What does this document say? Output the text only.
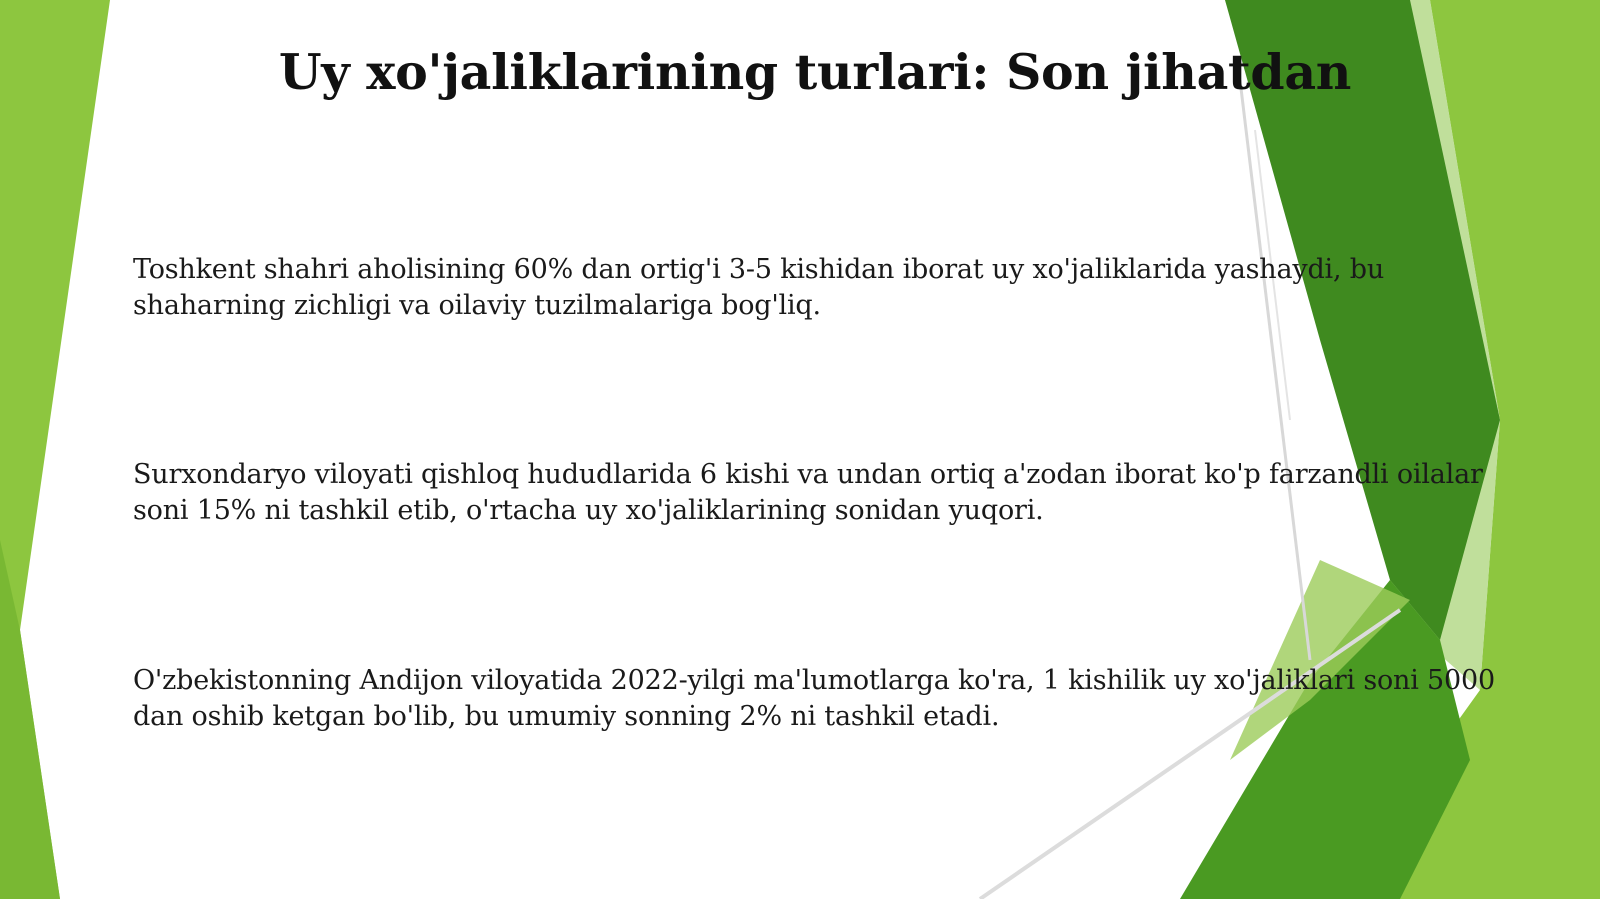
Uy xo'jaliklarining turlari: Son jihatdan

Toshkent shahri aholisining 60% dan ortig'i 3-5 kishidan iborat uy xo'jaliklarida yashaydi, bu shaharning zichligi va oilaviy tuzilmalariga bog'liq.

Surxondaryo viloyati qishloq hududlarida 6 kishi va undan ortiq a'zodan iborat ko'p farzandli oilalar soni 15% ni tashkil etib, o'rtacha uy xo'jaliklarining sonidan yuqori.

O'zbekistonning Andijon viloyatida 2022-yilgi ma'lumotlarga ko'ra, 1 kishilik uy xo'jaliklari soni 5000 dan oshib ketgan bo'lib, bu umumiy sonning 2% ni tashkil etadi.
